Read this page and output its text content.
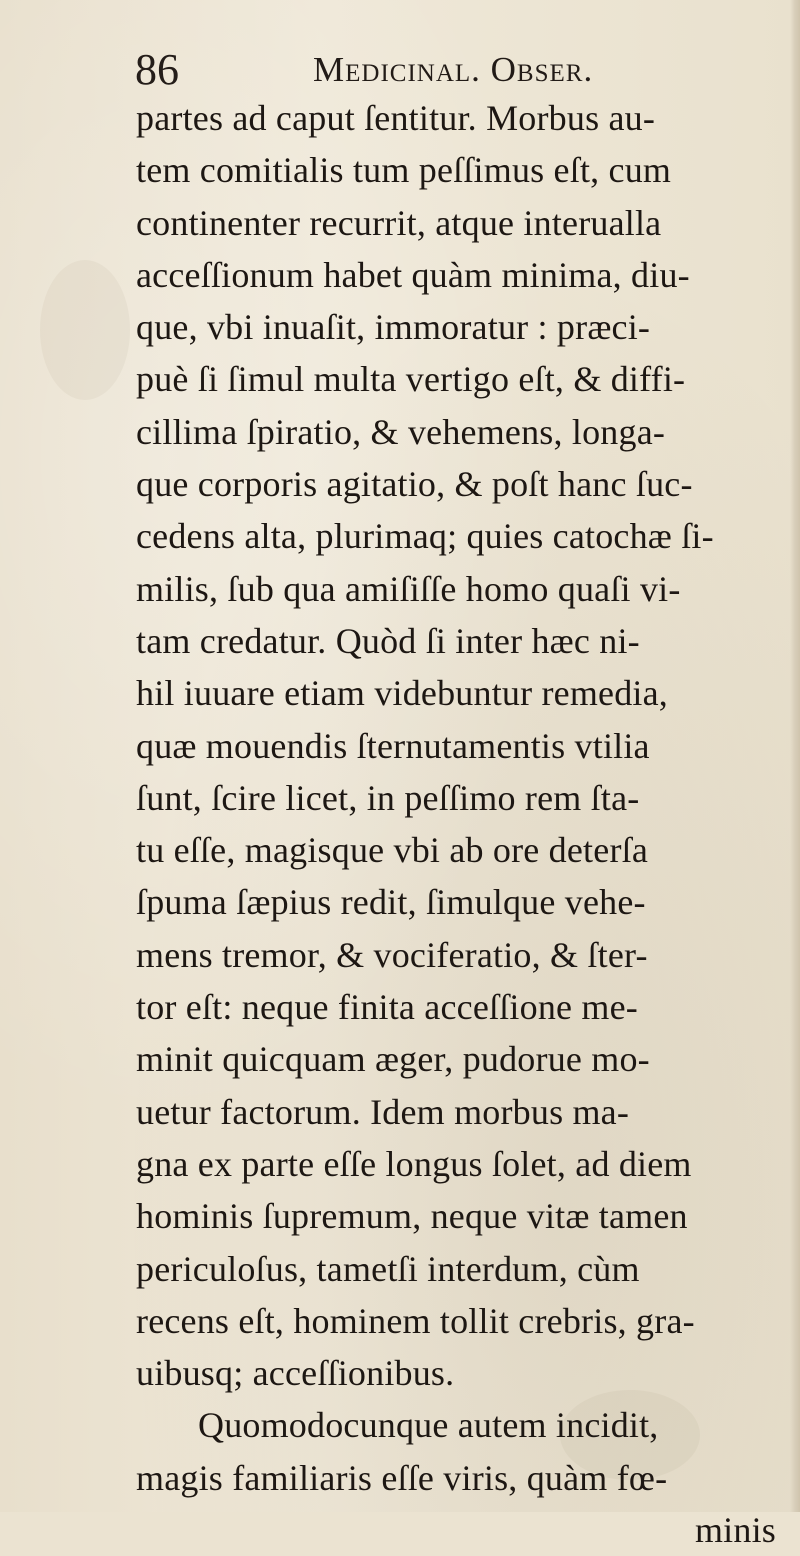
86	Medicinal. Obser.
partes ad caput ſentitur. Morbus au-
tem comitialis tum peſſimus eſt, cum
continenter recurrit, atque interualla
acceſſionum habet quàm minima, diu-
que, vbi inuaſit, immoratur : præci-
puè ſi ſimul multa vertigo eſt, & diffi-
cillima ſpiratio, & vehemens, longa-
que corporis agitatio, & poſt hanc ſuc-
cedens alta, plurimaq; quies catochæ ſi-
milis, ſub qua amiſiſſe homo quaſi vi-
tam credatur. Quòd ſi inter hæc ni-
hil iuuare etiam videbuntur remedia,
quæ mouendis ſternutamentis vtilia
ſunt, ſcire licet, in peſſimo rem ſta-
tu eſſe, magisque vbi ab ore deterſa
ſpuma ſæpius redit, ſimulque vehe-
mens tremor, & vociferatio, & ſter-
tor eſt: neque finita acceſſione me-
minit quicquam æger, pudorue mo-
uetur factorum. Idem morbus ma-
gna ex parte eſſe longus ſolet, ad diem
hominis ſupremum, neque vitæ tamen
periculoſus, tametſi interdum, cùm
recens eſt, hominem tollit crebris, gra-
uibusq; acceſſionibus.
Quomodocunque autem incidit,
magis familiaris eſſe viris, quàm fœ-
minis
